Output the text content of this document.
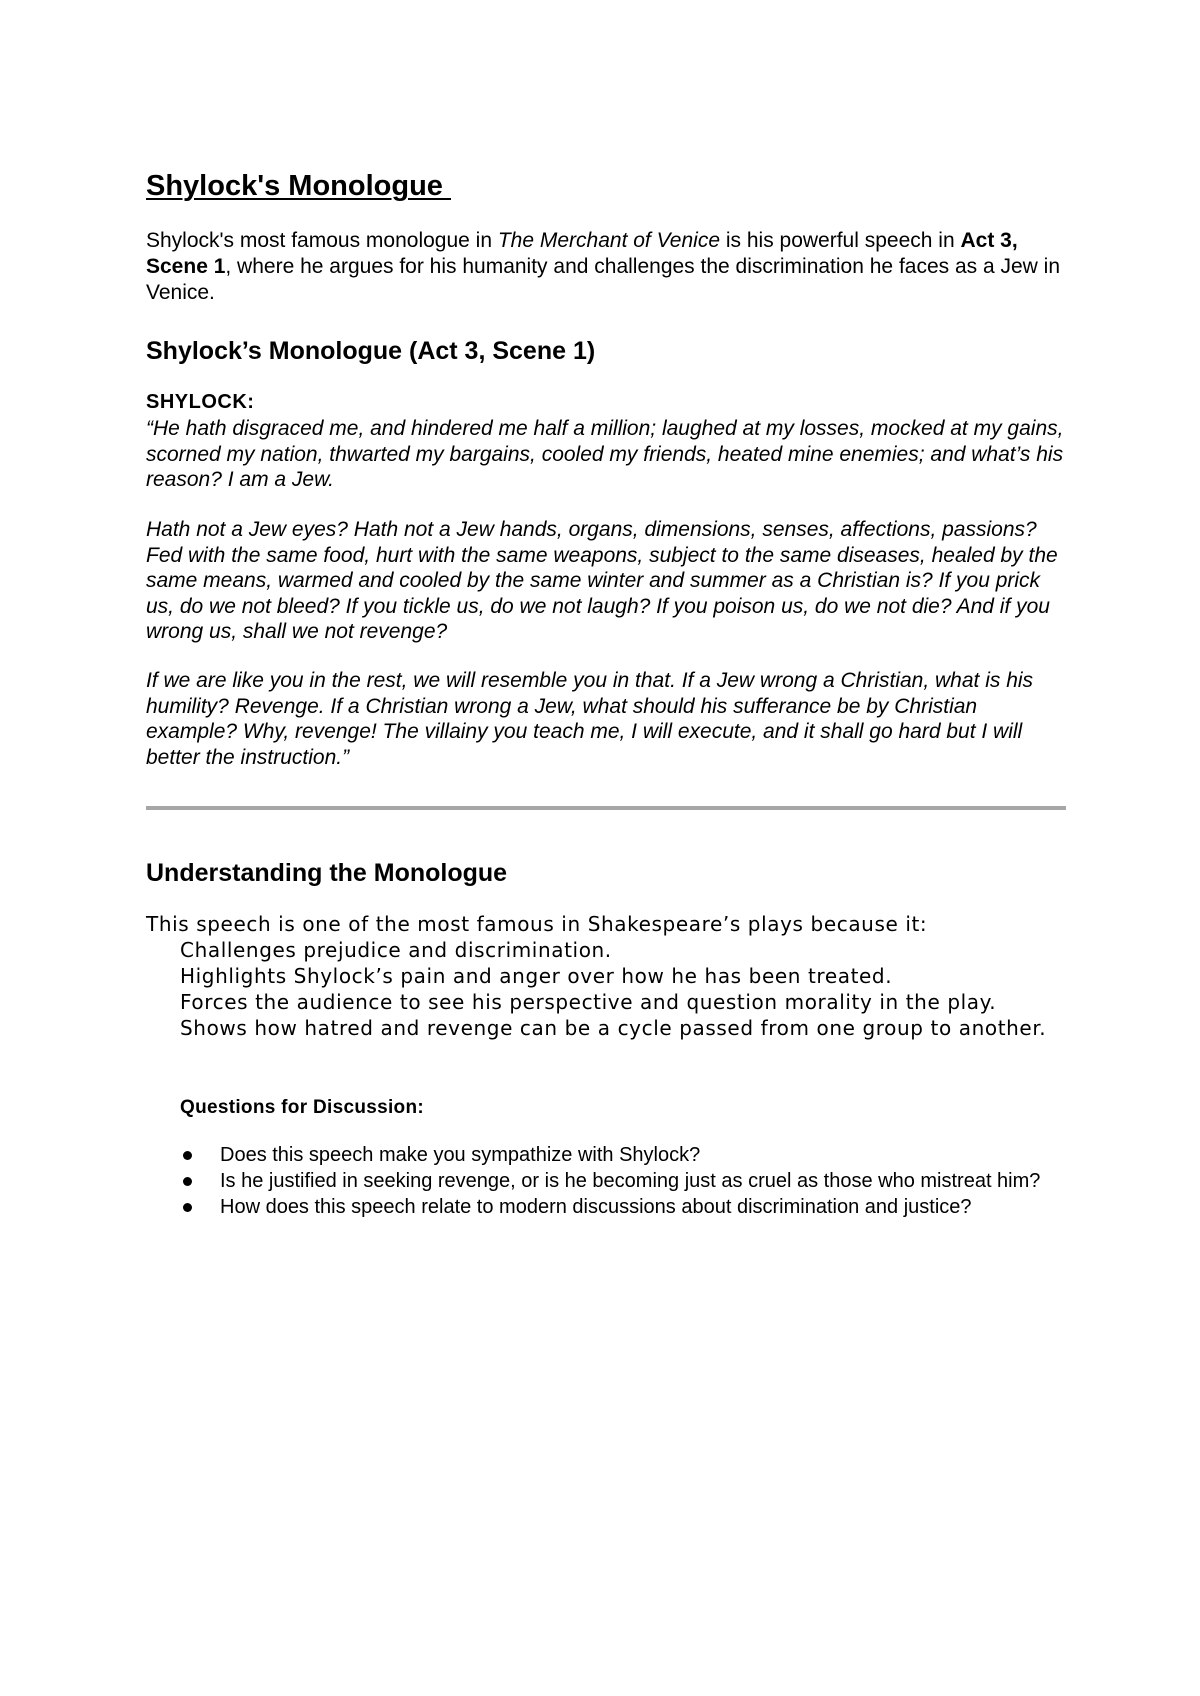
Shylock's Monologue

Shylock's most famous monologue in The Merchant of Venice is his powerful speech in Act 3, Scene 1, where he argues for his humanity and challenges the discrimination he faces as a Jew in Venice.

Shylock’s Monologue (Act 3, Scene 1)

SHYLOCK:

“He hath disgraced me, and hindered me half a million; laughed at my losses, mocked at my gains, scorned my nation, thwarted my bargains, cooled my friends, heated mine enemies; and what’s his reason? I am a Jew.

Hath not a Jew eyes? Hath not a Jew hands, organs, dimensions, senses, affections, passions? Fed with the same food, hurt with the same weapons, subject to the same diseases, healed by the same means, warmed and cooled by the same winter and summer as a Christian is? If you prick us, do we not bleed? If you tickle us, do we not laugh? If you poison us, do we not die? And if you wrong us, shall we not revenge?

If we are like you in the rest, we will resemble you in that. If a Jew wrong a Christian, what is his humility? Revenge. If a Christian wrong a Jew, what should his sufferance be by Christian example? Why, revenge! The villainy you teach me, I will execute, and it shall go hard but I will better the instruction.”

Understanding the Monologue

This speech is one of the most famous in Shakespeare’s plays because it:

Challenges prejudice and discrimination.

Highlights Shylock’s pain and anger over how he has been treated.

Forces the audience to see his perspective and question morality in the play.

Shows how hatred and revenge can be a cycle passed from one group to another.

Questions for Discussion:

Does this speech make you sympathize with Shylock?
Is he justified in seeking revenge, or is he becoming just as cruel as those who mistreat him?
How does this speech relate to modern discussions about discrimination and justice?
